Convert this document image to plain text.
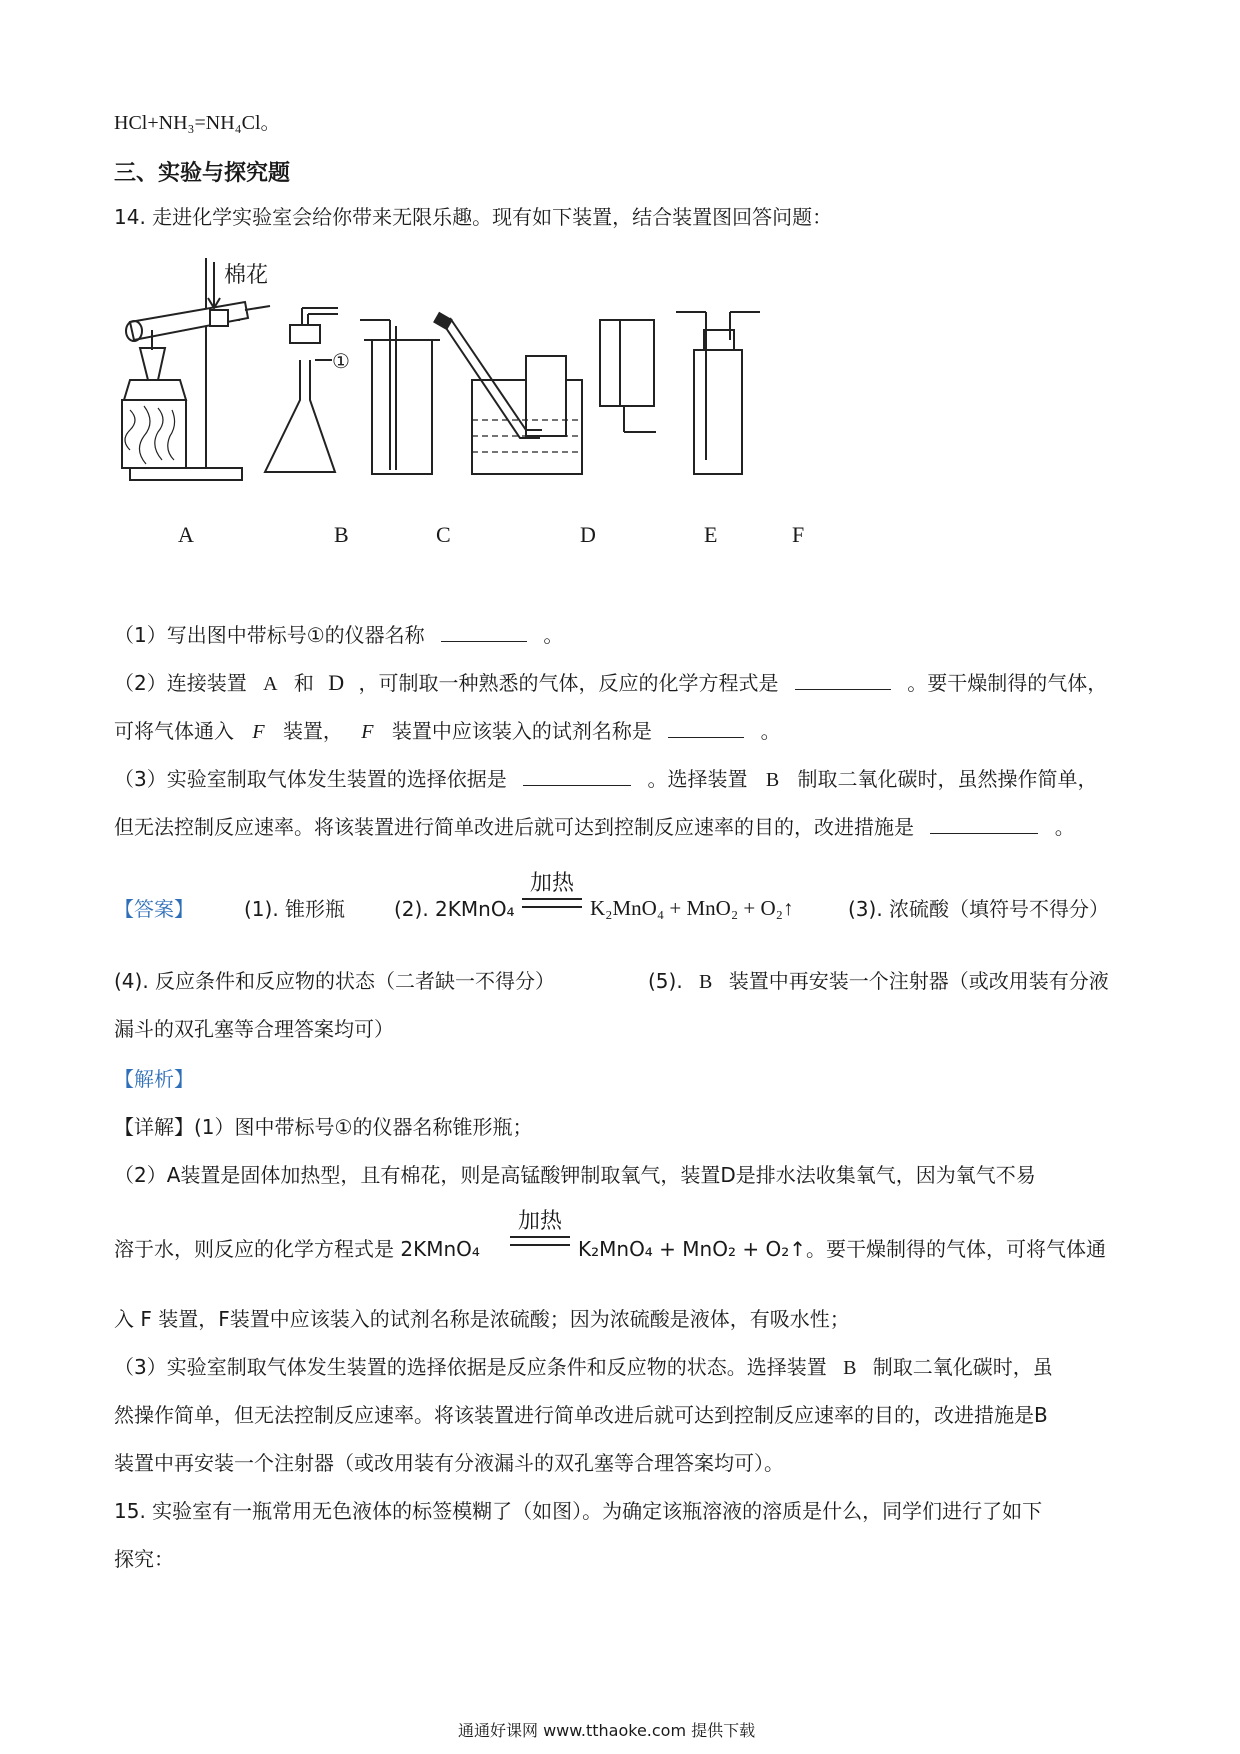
HCl+NH₃=NH₄Cl。
三、实验与探究题
14. 走进化学实验室会给你带来无限乐趣。现有如下装置，结合装置图回答问题：
①
棉花
A	B	C	D	E	F
（1）写出图中带标号①的仪器名称	。
（2）连接装置 A 和 D ，可制取一种熟悉的气体，反应的化学方程式是	。要干燥制得的气体，
可将气体通入 F 装置， F 装置中应该装入的试剂名称是	。
（3）实验室制取气体发生装置的选择依据是	。选择装置 B 制取二氧化碳时，虽然操作简单，
但无法控制反应速率。将该装置进行简单改进后就可达到控制反应速率的目的，改进措施是	。
【答案】	(1). 锥形瓶 (2). 2KMnO₄
加热
K₂MnO₄ + MnO₂ + O₂↑	(3). 浓硫酸（填符号不得分）
(4). 反应条件和反应物的状态（二者缺一不得分）	(5). B 装置中再安装一个注射器（或改用装有分液
漏斗的双孔塞等合理答案均可）
【解析】
【详解】(1）图中带标号①的仪器名称锥形瓶；
（2）A装置是固体加热型，且有棉花，则是高锰酸钾制取氧气，装置D是排水法收集氧气，因为氧气不易
溶于水，则反应的化学方程式是 2KMnO₄
加热
K₂MnO₄ + MnO₂ + O₂↑。要干燥制得的气体，可将气体通
入 F 装置，F装置中应该装入的试剂名称是浓硫酸；因为浓硫酸是液体，有吸水性；
（3）实验室制取气体发生装置的选择依据是反应条件和反应物的状态。选择装置 B 制取二氧化碳时，虽
然操作简单，但无法控制反应速率。将该装置进行简单改进后就可达到控制反应速率的目的，改进措施是B
装置中再安装一个注射器（或改用装有分液漏斗的双孔塞等合理答案均可）。
15. 实验室有一瓶常用无色液体的标签模糊了（如图）。为确定该瓶溶液的溶质是什么，同学们进行了如下
探究：
通通好课网 www.tthaoke.com 提供下载
